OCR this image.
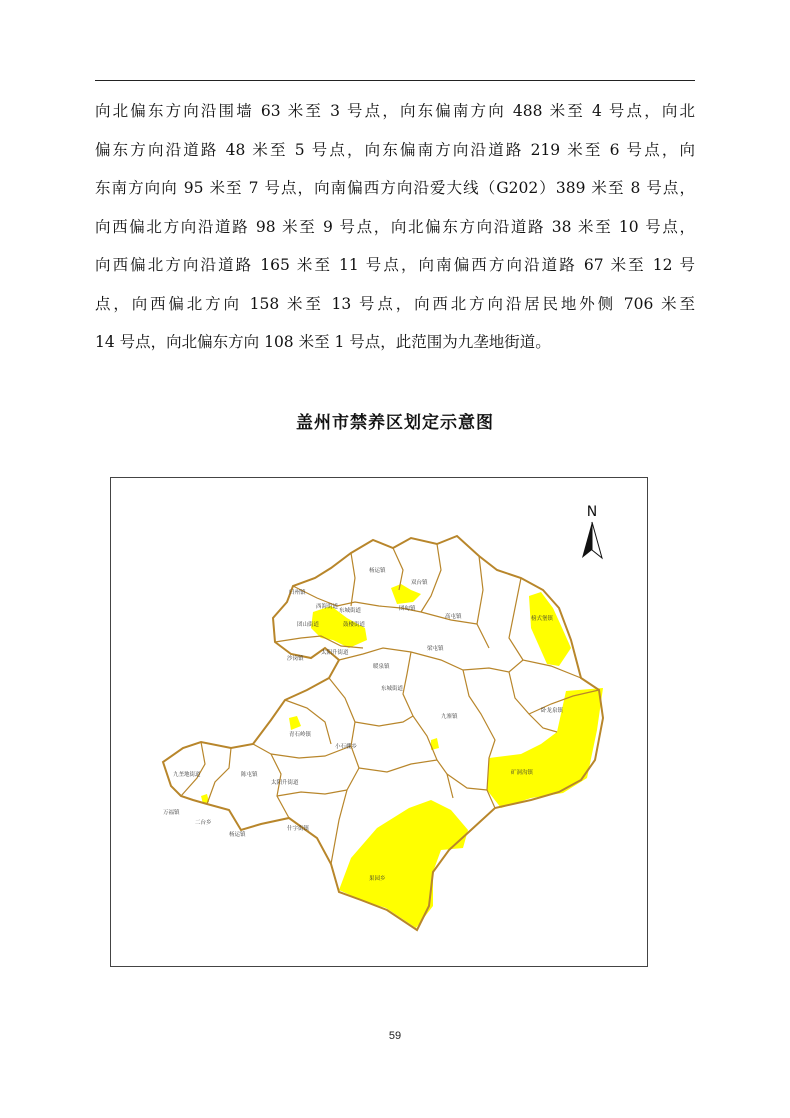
向北偏东方向沿围墙 63 米至 3 号点，向东偏南方向 488 米至 4 号点，向北
偏东方向沿道路 48 米至 5 号点，向东偏南方向沿道路 219 米至 6 号点，向
东南方向向 95 米至 7 号点，向南偏西方向沿爱大线（G202）389 米至 8 号点，
向西偏北方向沿道路 98 米至 9 号点，向北偏东方向沿道路 38 米至 10 号点，
向西偏北方向沿道路 165 米至 11 号点，向南偏西方向沿道路 67 米至 12 号
点，向西偏北方向 158 米至 13 号点，向西北方向沿居民地外侧 706 米至
14 号点，向北偏东方向 108 米至 1 号点，此范围为九垄地街道。
盖州市禁养区划定示意图
杨运镇
双台镇
归州镇
西海街道
东城街道
团山街道	鼓楼街道
太阳升街道
沙岗镇
高屯镇
团甸镇
梁屯镇
暖泉镇
东城街道
榜式堡镇
九寨镇
卧龙泉镇
矿洞沟镇
小石棚乡
青石岭镇
九垄地街道	陈屯镇
太阳升街道
二台乡
万福镇
什字街镇
杨运镇
果园乡
N
59
